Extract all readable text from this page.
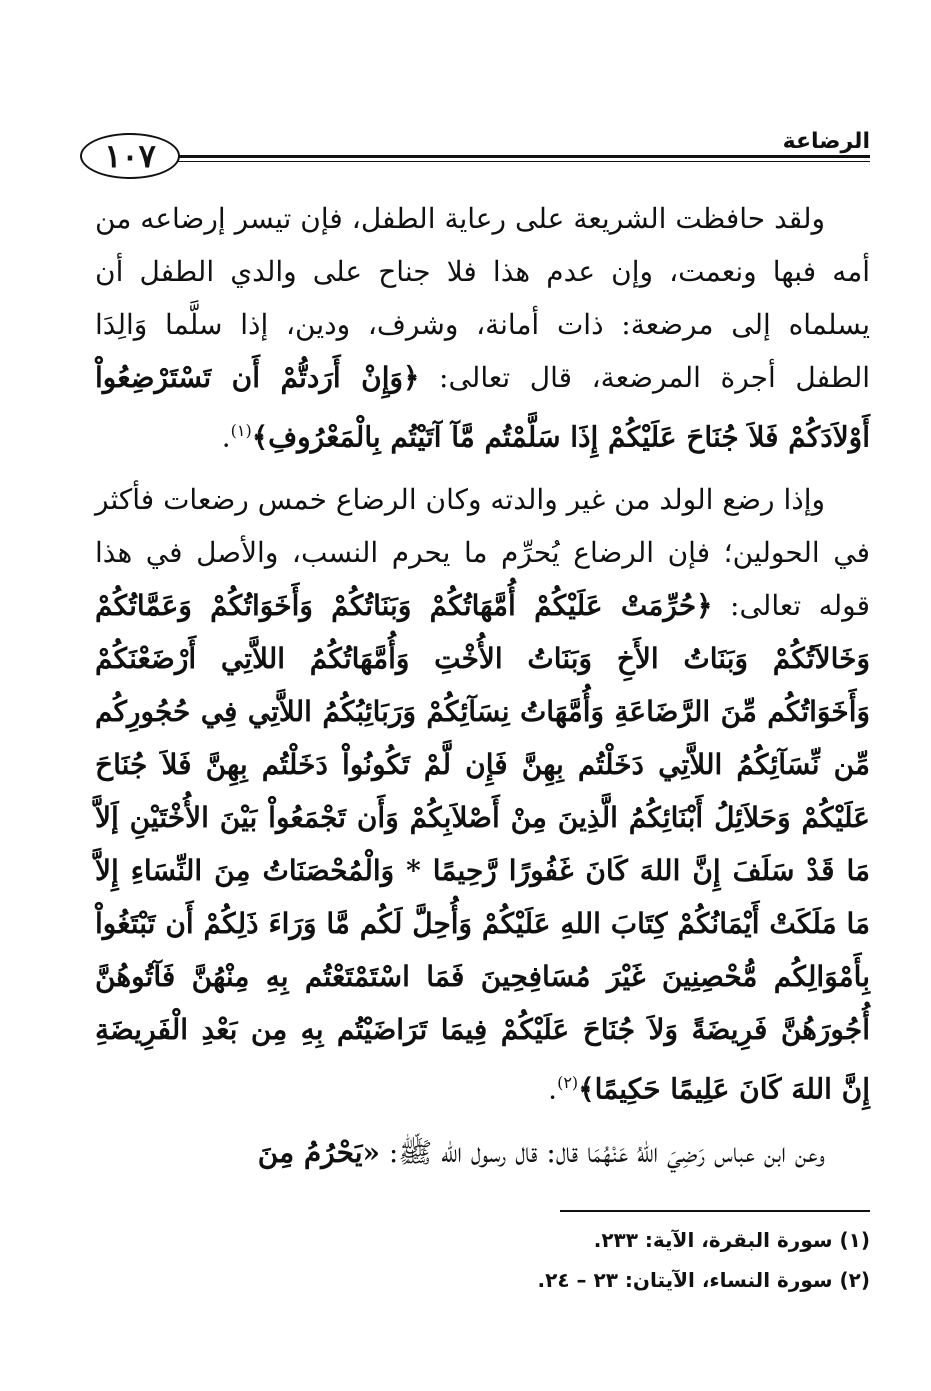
الرضاعة
١٠٧

ولقد حافظت الشريعة على رعاية الطفل، فإن تيسر إرضاعه من أمه فبها ونعمت، وإن عدم هذا فلا جناح على والدي الطفل أن يسلماه إلى مرضعة: ذات أمانة، وشرف، ودين، إذا سلَّما وَالِدَا الطفل أجرة المرضعة، قال تعالى: ﴿وَإِنْ أَرَدتُّمْ أَن تَسْتَرْضِعُواْ أَوْلاَدَكُمْ فَلاَ جُنَاحَ عَلَيْكُمْ إِذَا سَلَّمْتُم مَّآ آتَيْتُم بِالْمَعْرُوفِ﴾$^{(١)}$.

وإذا رضع الولد من غير والدته وكان الرضاع خمس رضعات فأكثر في الحولين؛ فإن الرضاع يُحرِّم ما يحرم النسب، والأصل في هذا قوله تعالى: ﴿حُرِّمَتْ عَلَيْكُمْ أُمَّهَاتُكُمْ وَبَنَاتُكُمْ وَأَخَوَاتُكُمْ وَعَمَّاتُكُمْ وَخَالاَتُكُمْ وَبَنَاتُ الأَخِ وَبَنَاتُ الأُخْتِ وَأُمَّهَاتُكُمُ اللاَّتِي أَرْضَعْنَكُمْ وَأَخَوَاتُكُم مِّنَ الرَّضَاعَةِ وَأُمَّهَاتُ نِسَآئِكُمْ وَرَبَائِبُكُمُ اللاَّتِي فِي حُجُورِكُم مِّن نِّسَآئِكُمُ اللاَّتِي دَخَلْتُم بِهِنَّ فَإِن لَّمْ تَكُونُواْ دَخَلْتُم بِهِنَّ فَلاَ جُنَاحَ عَلَيْكُمْ وَحَلاَئِلُ أَبْنَائِكُمُ الَّذِينَ مِنْ أَصْلاَبِكُمْ وَأَن تَجْمَعُواْ بَيْنَ الأُخْتَيْنِ إَلاَّ مَا قَدْ سَلَفَ إِنَّ اللهَ كَانَ غَفُورًا رَّحِيمًا * وَالْمُحْصَنَاتُ مِنَ النِّسَاءِ إِلاَّ مَا مَلَكَتْ أَيْمَانُكُمْ كِتَابَ اللهِ عَلَيْكُمْ وَأُحِلَّ لَكُم مَّا وَرَاءَ ذَلِكُمْ أَن تَبْتَغُواْ بِأَمْوَالِكُم مُّحْصِنِينَ غَيْرَ مُسَافِحِينَ فَمَا اسْتَمْتَعْتُم بِهِ مِنْهُنَّ فَآتُوهُنَّ أُجُورَهُنَّ فَرِيضَةً وَلاَ جُنَاحَ عَلَيْكُمْ فِيمَا تَرَاضَيْتُم بِهِ مِن بَعْدِ الْفَرِيضَةِ إِنَّ اللهَ كَانَ عَلِيمًا حَكِيمًا﴾$^{(٢)}$.

وعن ابن عباس رَضِيَ اللهُ عَنْهُمَا قال: قال رسول الله ﷺ: «يَحْرُمُ مِنَ

(١) سورة البقرة، الآية: ٢٣٣.
(٢) سورة النساء، الآيتان: ٢٣ – ٢٤.
